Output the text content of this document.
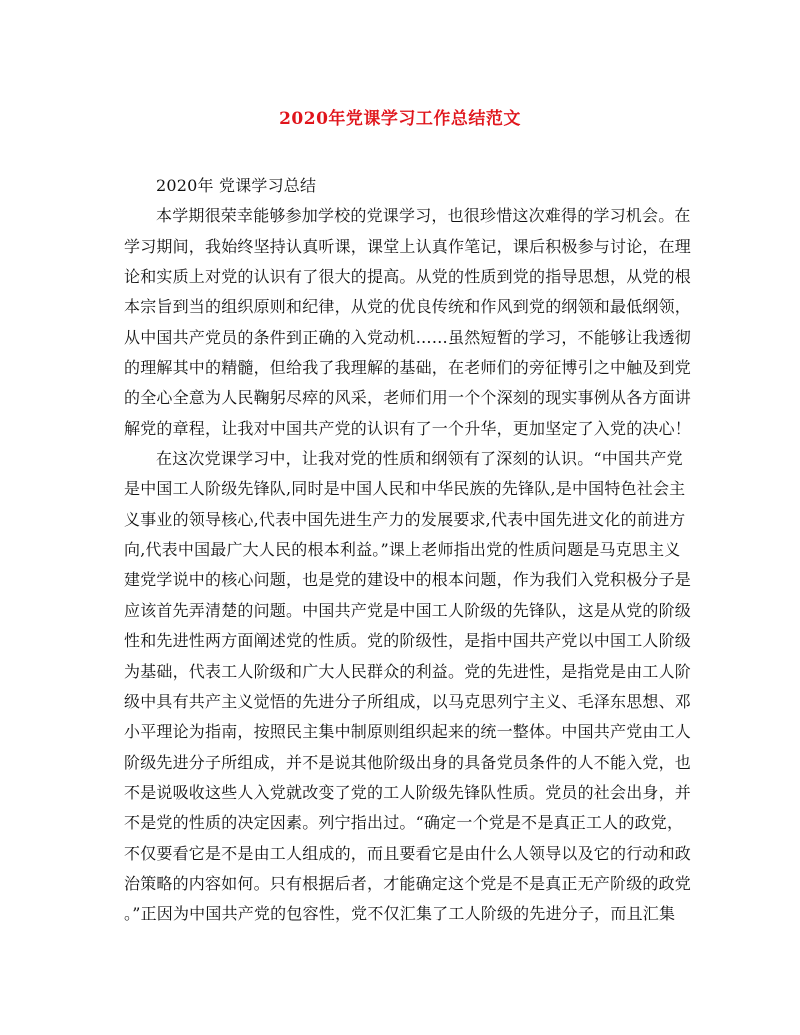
2020年党课学习工作总结范文
2020年 党课学习总结
本学期很荣幸能够参加学校的党课学习，也很珍惜这次难得的学习机会。在
学习期间，我始终坚持认真听课，课堂上认真作笔记，课后积极参与讨论，在理
论和实质上对党的认识有了很大的提高。从党的性质到党的指导思想，从党的根
本宗旨到当的组织原则和纪律，从党的优良传统和作风到党的纲领和最低纲领，
从中国共产党员的条件到正确的入党动机……虽然短暂的学习，不能够让我透彻
的理解其中的精髓，但给我了我理解的基础，在老师们的旁征博引之中触及到党
的全心全意为人民鞠躬尽瘁的风采，老师们用一个个深刻的现实事例从各方面讲
解党的章程，让我对中国共产党的认识有了一个升华，更加坚定了入党的决心！
在这次党课学习中，让我对党的性质和纲领有了深刻的认识。“中国共产党
是中国工人阶级先锋队,同时是中国人民和中华民族的先锋队,是中国特色社会主
义事业的领导核心,代表中国先进生产力的发展要求,代表中国先进文化的前进方
向,代表中国最广大人民的根本利益。”课上老师指出党的性质问题是马克思主义
建党学说中的核心问题，也是党的建设中的根本问题，作为我们入党积极分子是
应该首先弄清楚的问题。中国共产党是中国工人阶级的先锋队，这是从党的阶级
性和先进性两方面阐述党的性质。党的阶级性，是指中国共产党以中国工人阶级
为基础，代表工人阶级和广大人民群众的利益。党的先进性，是指党是由工人阶
级中具有共产主义觉悟的先进分子所组成，以马克思列宁主义、毛泽东思想、邓
小平理论为指南，按照民主集中制原则组织起来的统一整体。中国共产党由工人
阶级先进分子所组成，并不是说其他阶级出身的具备党员条件的人不能入党，也
不是说吸收这些人入党就改变了党的工人阶级先锋队性质。党员的社会出身，并
不是党的性质的决定因素。列宁指出过。“确定一个党是不是真正工人的政党，
不仅要看它是不是由工人组成的，而且要看它是由什么人领导以及它的行动和政
治策略的内容如何。只有根据后者，才能确定这个党是不是真正无产阶级的政党
。”正因为中国共产党的包容性，党不仅汇集了工人阶级的先进分子，而且汇集
